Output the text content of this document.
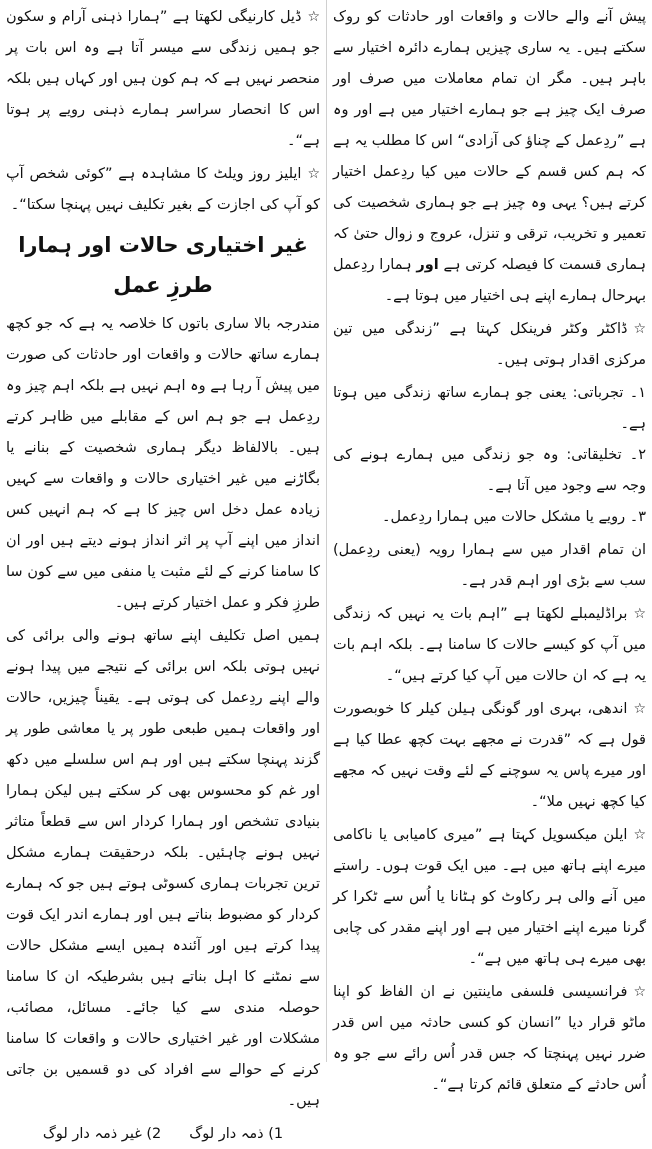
☆ڈیل کارنیگی لکھتا ہے ”ہمارا ذہنی آرام و سکون جو ہمیں زندگی سے میسر آتا ہے وہ اس بات پر منحصر نہیں ہے کہ ہم کون ہیں اور کہاں ہیں بلکہ اس کا انحصار سراسر ہمارے ذہنی رویے پر ہوتا ہے“۔

☆ایلیز روز ویلٹ کا مشاہدہ ہے ”کوئی شخص آپ کو آپ کی اجازت کے بغیر تکلیف نہیں پہنچا سکتا“۔

غیر اختیاری حالات اور ہمارا طرزِ عمل

مندرجہ بالا ساری باتوں کا خلاصہ یہ ہے کہ جو کچھ ہمارے ساتھ حالات و واقعات اور حادثات کی صورت میں پیش آ رہا ہے وہ اہم نہیں ہے بلکہ اہم چیز وہ ردِعمل ہے جو ہم اس کے مقابلے میں ظاہر کرتے ہیں۔ بالالفاظ دیگر ہماری شخصیت کے بنانے یا بگاڑنے میں غیر اختیاری حالات و واقعات سے کہیں زیادہ عمل دخل اس چیز کا ہے کہ ہم انہیں کس انداز میں اپنے آپ پر اثر انداز ہونے دیتے ہیں اور ان کا سامنا کرنے کے لئے مثبت یا منفی میں سے کون سا طرزِ فکر و عمل اختیار کرتے ہیں۔

ہمیں اصل تکلیف اپنے ساتھ ہونے والی برائی کی نہیں ہوتی بلکہ اس برائی کے نتیجے میں پیدا ہونے والے اپنے ردِعمل کی ہوتی ہے۔ یقیناً چیزیں، حالات اور واقعات ہمیں طبعی طور پر یا معاشی طور پر گزند پہنچا سکتے ہیں اور ہم اس سلسلے میں دکھ اور غم کو محسوس بھی کر سکتے ہیں لیکن ہمارا بنیادی تشخص اور ہمارا کردار اس سے قطعاً متاثر نہیں ہونے چاہئیں۔ بلکہ درحقیقت ہمارے مشکل ترین تجربات ہماری کسوٹی ہوتے ہیں جو کہ ہمارے کردار کو مضبوط بناتے ہیں اور ہمارے اندر ایک قوت پیدا کرتے ہیں اور آئندہ ہمیں ایسے مشکل حالات سے نمٹنے کا اہل بناتے ہیں بشرطیکہ ان کا سامنا حوصلہ مندی سے کیا جائے۔ مسائل، مصائب، مشکلات اور غیر اختیاری حالات و واقعات کا سامنا کرنے کے حوالے سے افراد کی دو قسمیں بن جاتی ہیں۔

1) ذمہ دار لوگ
2) غیر ذمہ دار لوگ

پیش آنے والے حالات و واقعات اور حادثات کو روک سکتے ہیں۔ یہ ساری چیزیں ہمارے دائرہ اختیار سے باہر ہیں۔ مگر ان تمام معاملات میں صرف اور صرف ایک چیز ہے جو ہمارے اختیار میں ہے اور وہ ہے ”ردِعمل کے چناؤ کی آزادی“ اس کا مطلب یہ ہے کہ ہم کس قسم کے حالات میں کیا ردِعمل اختیار کرتے ہیں؟ یہی وہ چیز ہے جو ہماری شخصیت کی تعمیر و تخریب، ترقی و تنزل، عروج و زوال حتیٰ کہ ہماری قسمت کا فیصلہ کرتی ہے اور ہمارا ردِعمل بہرحال ہمارے اپنے ہی اختیار میں ہوتا ہے۔

☆ڈاکٹر وکٹر فرینکل کہتا ہے ”زندگی میں تین مرکزی اقدار ہوتی ہیں۔

۱۔ تجرباتی: یعنی جو ہمارے ساتھ زندگی میں ہوتا ہے۔
۲۔ تخلیقاتی: وہ جو زندگی میں ہمارے ہونے کی وجہ سے وجود میں آتا ہے۔
۳۔ رویے یا مشکل حالات میں ہمارا ردِعمل۔

ان تمام اقدار میں سے ہمارا رویہ (یعنی ردِعمل) سب سے بڑی اور اہم قدر ہے۔

☆براڈلیمبلے لکھتا ہے ”اہم بات یہ نہیں کہ زندگی میں آپ کو کیسے حالات کا سامنا ہے۔ بلکہ اہم بات یہ ہے کہ ان حالات میں آپ کیا کرتے ہیں“۔

☆اندھی، بہری اور گونگی ہیلن کیلر کا خوبصورت قول ہے کہ ”قدرت نے مجھے بہت کچھ عطا کیا ہے اور میرے پاس یہ سوچنے کے لئے وقت نہیں کہ مجھے کیا کچھ نہیں ملا“۔

☆ایلن میکسویل کہتا ہے ”میری کامیابی یا ناکامی میرے اپنے ہاتھ میں ہے۔ میں ایک قوت ہوں۔ راستے میں آنے والی ہر رکاوٹ کو ہٹانا یا اُس سے ٹکرا کر گرنا میرے اپنے اختیار میں ہے اور اپنے مقدر کی چابی بھی میرے ہی ہاتھ میں ہے“۔

☆فرانسیسی فلسفی ماینتین نے ان الفاظ کو اپنا ماٹو قرار دیا ”انسان کو کسی حادثہ میں اس قدر ضرر نہیں پہنچتا کہ جس قدر اُس رائے سے جو وہ اُس حادثے کے متعلق قائم کرتا ہے“۔
